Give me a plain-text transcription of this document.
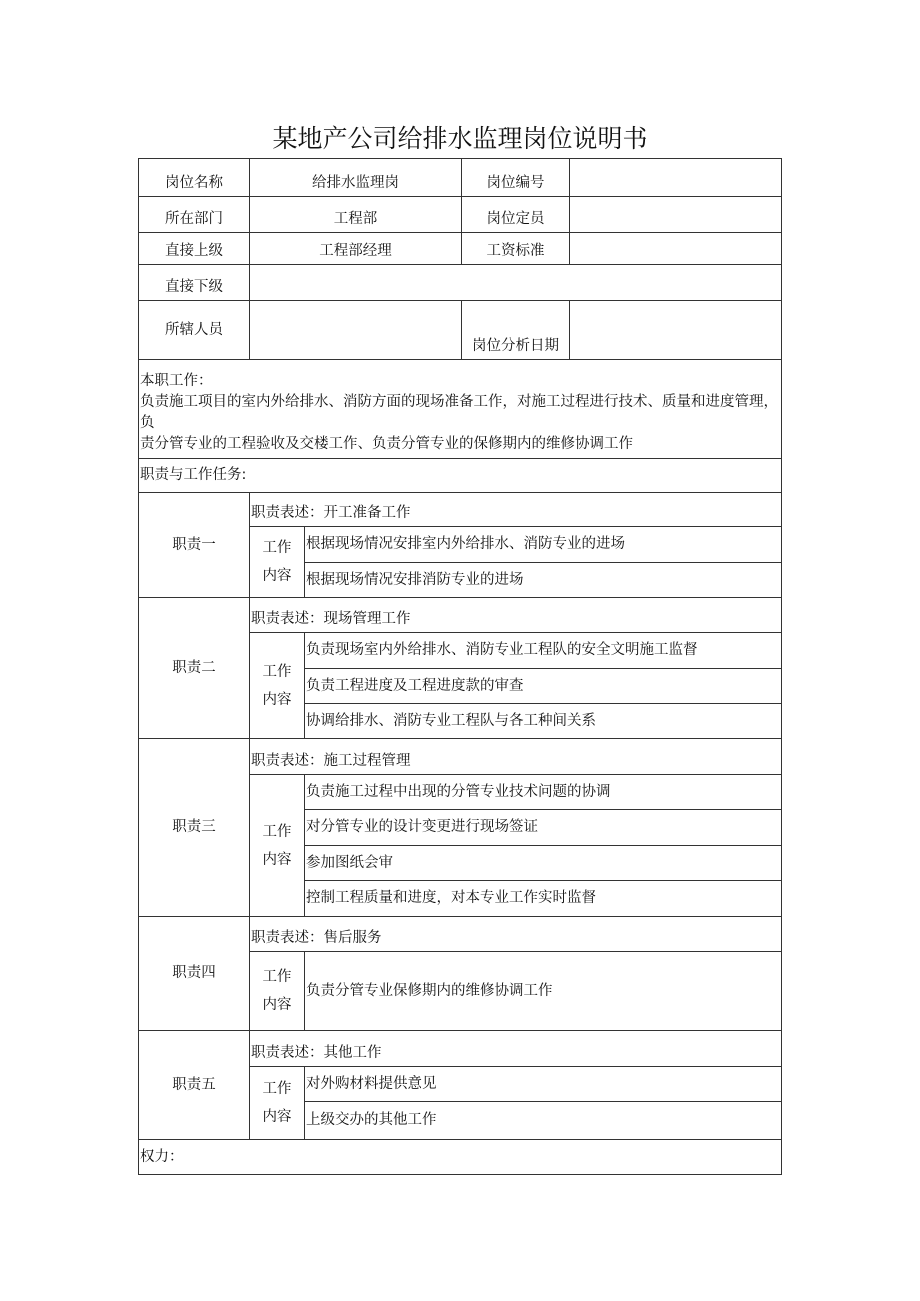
某地产公司给排水监理岗位说明书
岗位名称	给排水监理岗		岗位编号	
所在部门	工程部		岗位定员	
直接上级	工程部经理		工资标准	
直接下级				
所辖人员			岗位分析日期	

本职工作：
负责施工项目的室内外给排水、消防方面的现场准备工作，对施工过程进行技术、质量和进度管理，负
责分管专业的工程验收及交楼工作、负责分管专业的保修期内的维修协调工作				

职责与工作任务:				
职责一	职责表述：开工准备工作			

	工作
内容	根据现场情况安排室内外给排水、消防专业的进场		
		根据现场情况安排消防专业的进场		
职责二	职责表述：现场管理工作			

	工作
内容	负责现场室内外给排水、消防专业工程队的安全文明施工监督		
		负责工程进度及工程进度款的审查		
		协调给排水、消防专业工程队与各工种间关系		
职责三	职责表述：施工过程管理			

	工作
内容	负责施工过程中出现的分管专业技术问题的协调		
		对分管专业的设计变更进行现场签证		
		参加图纸会审		
		控制工程质量和进度，对本专业工作实时监督		
职责四	职责表述：售后服务			

	工作
内容	负责分管专业保修期内的维修协调工作		
职责五	职责表述：其他工作			

	工作
内容	对外购材料提供意见		
		上级交办的其他工作		
权力：				
